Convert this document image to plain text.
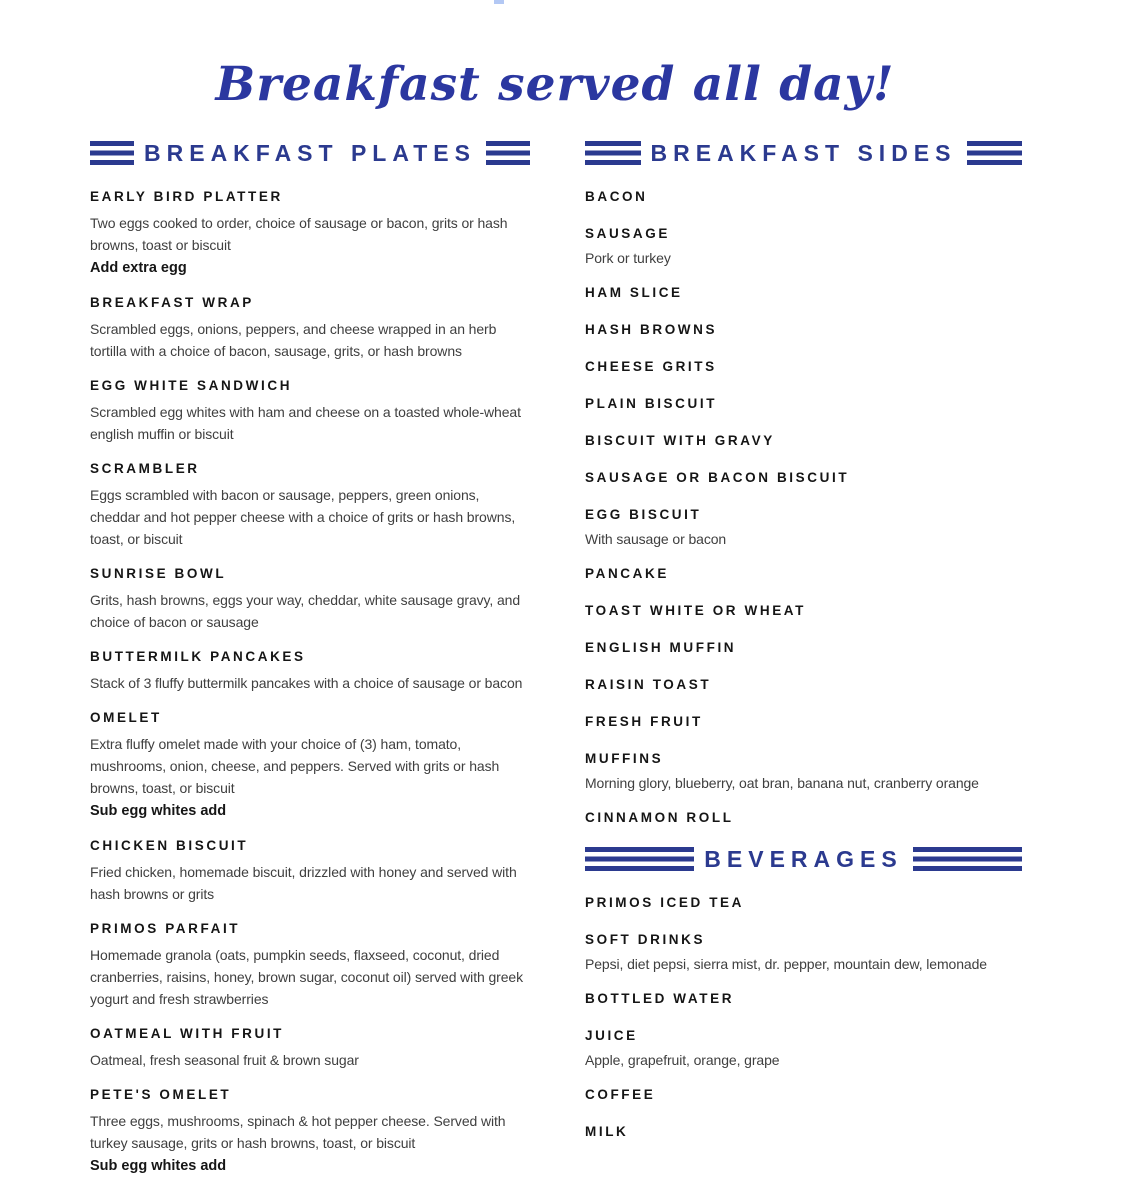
Breakfast served all day!
BREAKFAST PLATES
EARLY BIRD PLATTER

Two eggs cooked to order, choice of sausage or bacon, grits or hash browns, toast or biscuit

Add extra egg

BREAKFAST WRAP

Scrambled eggs, onions, peppers, and cheese wrapped in an herb tortilla with a choice of bacon, sausage, grits, or hash browns

EGG WHITE SANDWICH

Scrambled egg whites with ham and cheese on a toasted whole-wheat english muffin or biscuit

SCRAMBLER

Eggs scrambled with bacon or sausage, peppers, green onions, cheddar and hot pepper cheese with a choice of grits or hash browns, toast, or biscuit

SUNRISE BOWL

Grits, hash browns, eggs your way, cheddar, white sausage gravy, and choice of bacon or sausage

BUTTERMILK PANCAKES

Stack of 3 fluffy buttermilk pancakes with a choice of sausage or bacon

OMELET

Extra fluffy omelet made with your choice of (3) ham, tomato, mushrooms, onion, cheese, and peppers. Served with grits or hash browns, toast, or biscuit

Sub egg whites add

CHICKEN BISCUIT

Fried chicken, homemade biscuit, drizzled with honey and served with hash browns or grits

PRIMOS PARFAIT

Homemade granola (oats, pumpkin seeds, flaxseed, coconut, dried cranberries, raisins, honey, brown sugar, coconut oil) served with greek yogurt and fresh strawberries

OATMEAL WITH FRUIT

Oatmeal, fresh seasonal fruit & brown sugar

PETE'S OMELET

Three eggs, mushrooms, spinach & hot pepper cheese. Served with turkey sausage, grits or hash browns, toast, or biscuit

Sub egg whites add

BREAKFAST SIDES
BACON
SAUSAGE

Pork or turkey

HAM SLICE
HASH BROWNS
CHEESE GRITS
PLAIN BISCUIT
BISCUIT WITH GRAVY
SAUSAGE OR BACON BISCUIT
EGG BISCUIT

With sausage or bacon

PANCAKE
TOAST WHITE OR WHEAT
ENGLISH MUFFIN
RAISIN TOAST
FRESH FRUIT
MUFFINS

Morning glory, blueberry, oat bran, banana nut, cranberry orange

CINNAMON ROLL
BEVERAGES
PRIMOS ICED TEA
SOFT DRINKS

Pepsi, diet pepsi, sierra mist, dr. pepper, mountain dew, lemonade

BOTTLED WATER
JUICE

Apple, grapefruit, orange, grape

COFFEE
MILK
